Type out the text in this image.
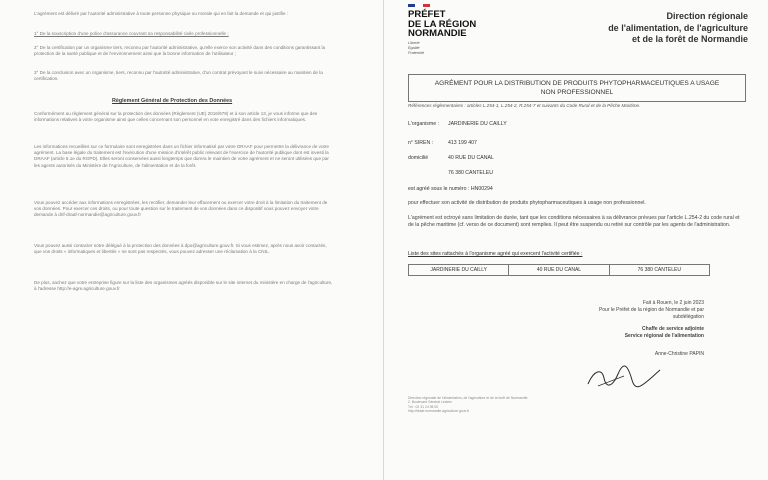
L'agrément est délivré par l'autorité administrative à toute personne physique ou morale qui en fait la demande et qui justifie :

1° De la souscription d'une police d'assurance couvrant sa responsabilité civile professionnelle ;

2° De la certification par un organisme tiers, reconnu par l'autorité administrative, qu'elle exerce son activité dans des conditions garantissant la protection de la santé publique et de l'environnement ainsi que la bonne information de l'utilisateur ;

3° De la conclusion avec un organisme, tiers, reconnu par l'autorité administrative, d'un contrat prévoyant le suivi nécessaire au maintien de la certification.

Règlement Général de Protection des Données

Conformément au règlement général sur la protection des données (Règlement (UE) 2016/679) et à son article 13, je vous informe que des informations relatives à votre organisme ainsi que celles concernant son personnel en vote enregistré dans des fichiers informatiques.

Les informations recueillies sur ce formulaire sont enregistrées dans un fichier informatisé par votre DRAAF pour permettre la délivrance de votre agrément. La base légale du traitement est l'exécution d'une mission d'intérêt public relevant de l'exercice de l'autorité publique dont est investi la DRAAF (article 6.1e du RGPD). Elles seront conservées aussi longtemps que durera le maintien de votre agrément et ne seront utilisées que par les agents autorisés du Ministère de l'Agriculture, de l'alimentation et de la forêt.

Vous pouvez accéder aux informations enregistrées, les rectifier, demander leur effacement ou exercer votre droit à la limitation du traitement de vos données. Pour exercer ces droits, ou pour toute question sur le traitement de vos données dans ce dispositif vous pouvez envoyer votre demande à drif-draaf-normandie@agriculture.gouv.fr

Vous pouvez aussi contacter notre délégué à la protection des données à dpo@agriculture.gouv.fr. Si vous estimez, après nous avoir contactés, que vos droits « informatiques et libertés » ne sont pas respectés, vous pouvez adresser une réclamation à la CNIL.

De plus, sachez que votre entreprise figure sur la liste des organismes agréés disponible sur le site internet du ministère en charge de l'agriculture, à l'adresse http://e-agre.agriculture.gouv.fr

PRÉFET
DE LA RÉGION
NORMANDIE

Liberté
Égalité
Fraternité

Direction régionale
de l'alimentation, de l'agriculture
et de la forêt de Normandie

AGRÉMENT POUR LA DISTRIBUTION DE PRODUITS PHYTOPHARMACEUTIQUES A USAGE
NON PROFESSIONNEL
Références réglementaires : articles L.254-1, L.254-2, R.254-7 et suivants du Code Rural et de la Pêche Maritime.
L'organisme : JARDINERIE DU CAILLY
n° SIREN :	413 199 407
domicilié	40 RUE DU CANAL
76 380 CANTELEU
est agréé sous le numéro : HN00294

pour effectuer son activité de distribution de produits phytopharmaceutiques à usage non professionnel.

L'agrément est octroyé sans limitation de durée, tant que les conditions nécessaires à sa délivrance prévues par l'article L.254-2 du code rural et de la pêche maritime (cf. verso de ce document) sont remplies. Il peut être suspendu ou retiré sur contrôle par les agents de l'administration.

Liste des sites rattachés à l'organisme agréé qui exercent l'activité certifiée :
JARDINERIE DU CAILLY	40 RUE DU CANAL	76 380 CANTELEU

Fait à Rouen, le 2 juin 2023
Pour le Préfet de la région de Normandie et par
subdélégation

Chaffe de service adjointe
Service régional de l'alimentation

Anne-Christine PAPIN

Direction régionale de l'alimentation, de l'agriculture et de la forêt de Normandie
2, Boulevard Général Leclerc
Tél : 02 31 24 98 00
http://draaf.normandie.agriculture.gouv.fr
